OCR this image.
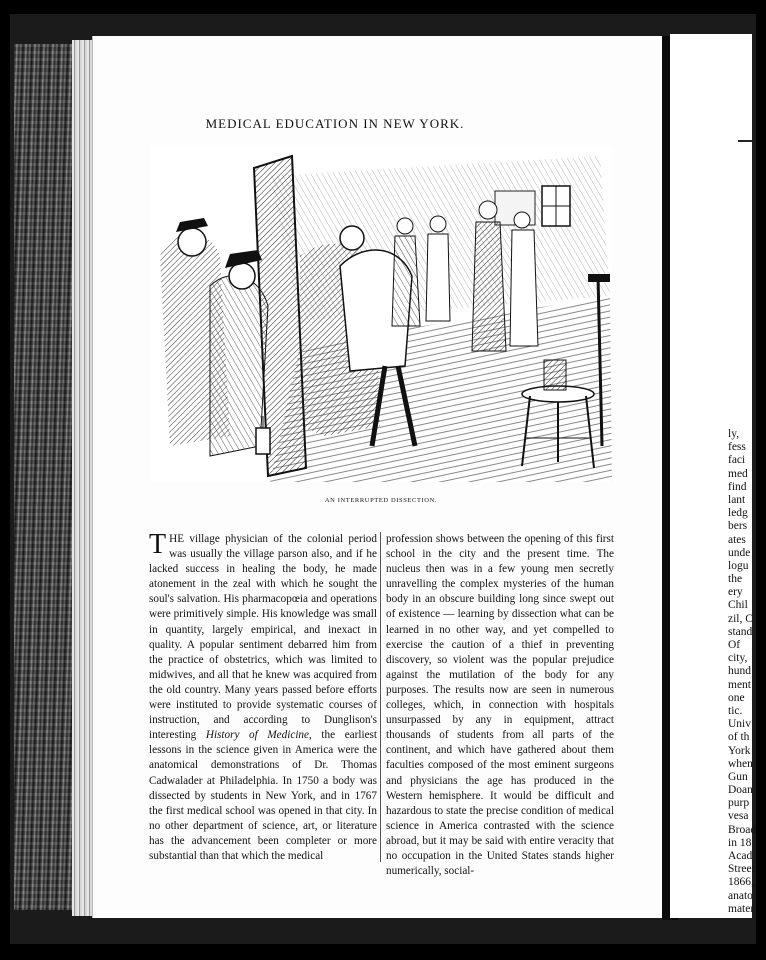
ly,
fess
faci
med
find
lant
ledg
bers
ates
unde
logu
the
ery
Chil
zil, C
stand
Of
city,
hund
ment
one
tic.
Univ
of th
York
when
Gun
Doan
purp
vesa
Broad
in 18
Acad
Street
1866,
anato
mater
MEDICAL EDUCATION IN NEW YORK.
AN INTERRUPTED DISSECTION.
THE village physician of the colonial period was usually the village parson also, and if he lacked success in healing the body, he made atonement in the zeal with which he sought the soul's salvation. His pharmacopœia and operations were primitively simple. His knowledge was small in quantity, largely empirical, and inexact in quality. A popular sentiment debarred him from the practice of obstetrics, which was limited to midwives, and all that he knew was acquired from the old country. Many years passed before efforts were instituted to provide systematic courses of instruction, and according to Dunglison's interesting History of Medicine, the earliest lessons in the science given in America were the anatomical demonstrations of Dr. Thomas Cadwalader at Philadelphia. In 1750 a body was dissected by students in New York, and in 1767 the first medical school was opened in that city. In no other department of science, art, or literature has the advancement been completer or more substantial than that which the medical
profession shows between the opening of this first school in the city and the present time. The nucleus then was in a few young men secretly unravelling the complex mysteries of the human body in an obscure building long since swept out of existence — learning by dissection what can be learned in no other way, and yet compelled to exercise the caution of a thief in preventing discovery, so violent was the popular prejudice against the mutilation of the body for any purposes. The results now are seen in numerous colleges, which, in connection with hospitals unsurpassed by any in equipment, attract thousands of students from all parts of the continent, and which have gathered about them faculties composed of the most eminent surgeons and physicians the age has produced in the Western hemisphere. It would be difficult and hazardous to state the precise condition of medical science in America contrasted with the science abroad, but it may be said with entire veracity that no occupation in the United States stands higher numerically, social-
